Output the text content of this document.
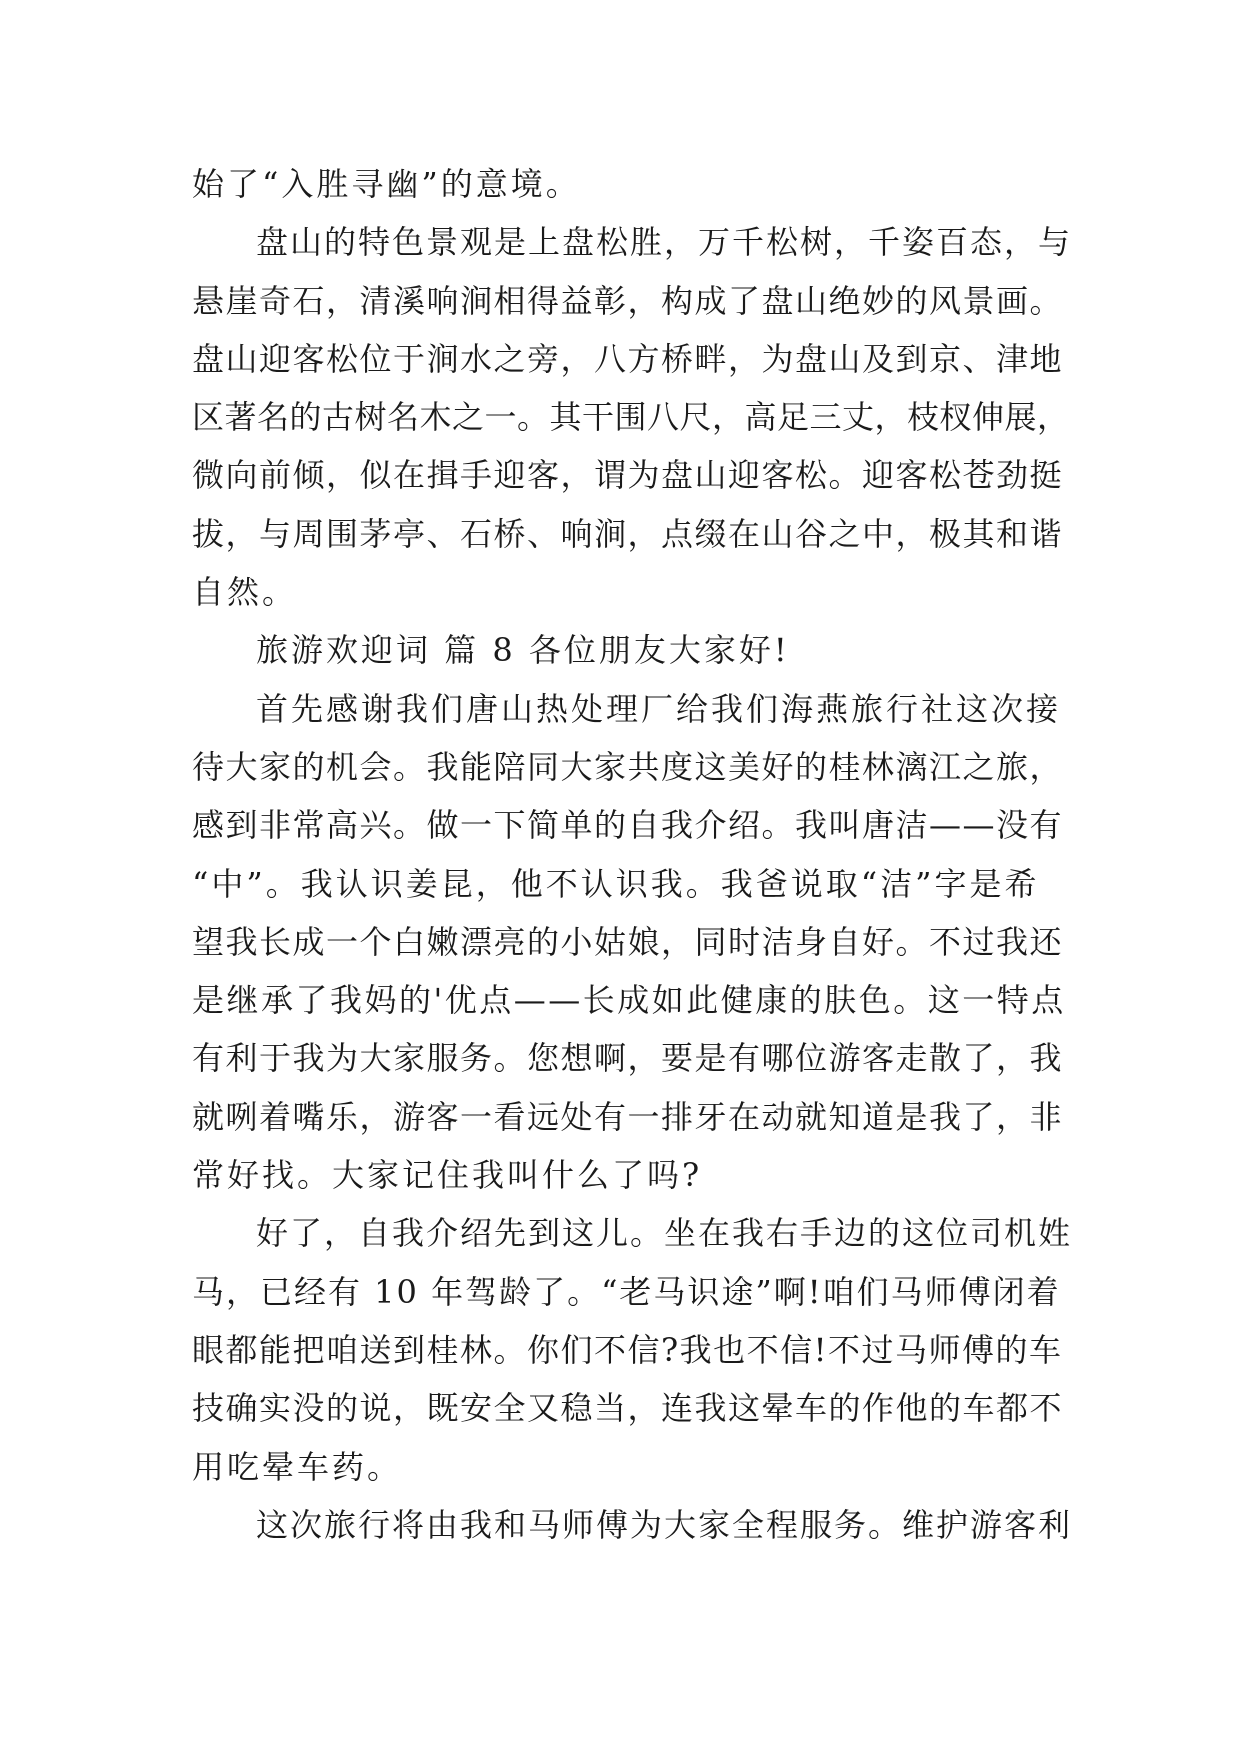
始了“入胜寻幽”的意境。
盘山的特色景观是上盘松胜，万千松树，千姿百态，与
悬崖奇石，清溪响涧相得益彰，构成了盘山绝妙的风景画。
盘山迎客松位于涧水之旁，八方桥畔，为盘山及到京、津地
区著名的古树名木之一。其干围八尺，高足三丈，枝杈伸展，
微向前倾，似在揖手迎客，谓为盘山迎客松。迎客松苍劲挺
拔，与周围茅亭、石桥、响涧，点缀在山谷之中，极其和谐
自然。
旅游欢迎词 篇 8 各位朋友大家好!
首先感谢我们唐山热处理厂给我们海燕旅行社这次接
待大家的机会。我能陪同大家共度这美好的桂林漓江之旅，
感到非常高兴。做一下简单的自我介绍。我叫唐洁——没有
“中”。我认识姜昆，他不认识我。我爸说取“洁”字是希
望我长成一个白嫩漂亮的小姑娘，同时洁身自好。不过我还
是继承了我妈的'优点——长成如此健康的肤色。这一特点
有利于我为大家服务。您想啊，要是有哪位游客走散了，我
就咧着嘴乐，游客一看远处有一排牙在动就知道是我了，非
常好找。大家记住我叫什么了吗?
好了，自我介绍先到这儿。坐在我右手边的这位司机姓
马，已经有 10 年驾龄了。“老马识途”啊!咱们马师傅闭着
眼都能把咱送到桂林。你们不信?我也不信!不过马师傅的车
技确实没的说，既安全又稳当，连我这晕车的作他的车都不
用吃晕车药。
这次旅行将由我和马师傅为大家全程服务。维护游客利
